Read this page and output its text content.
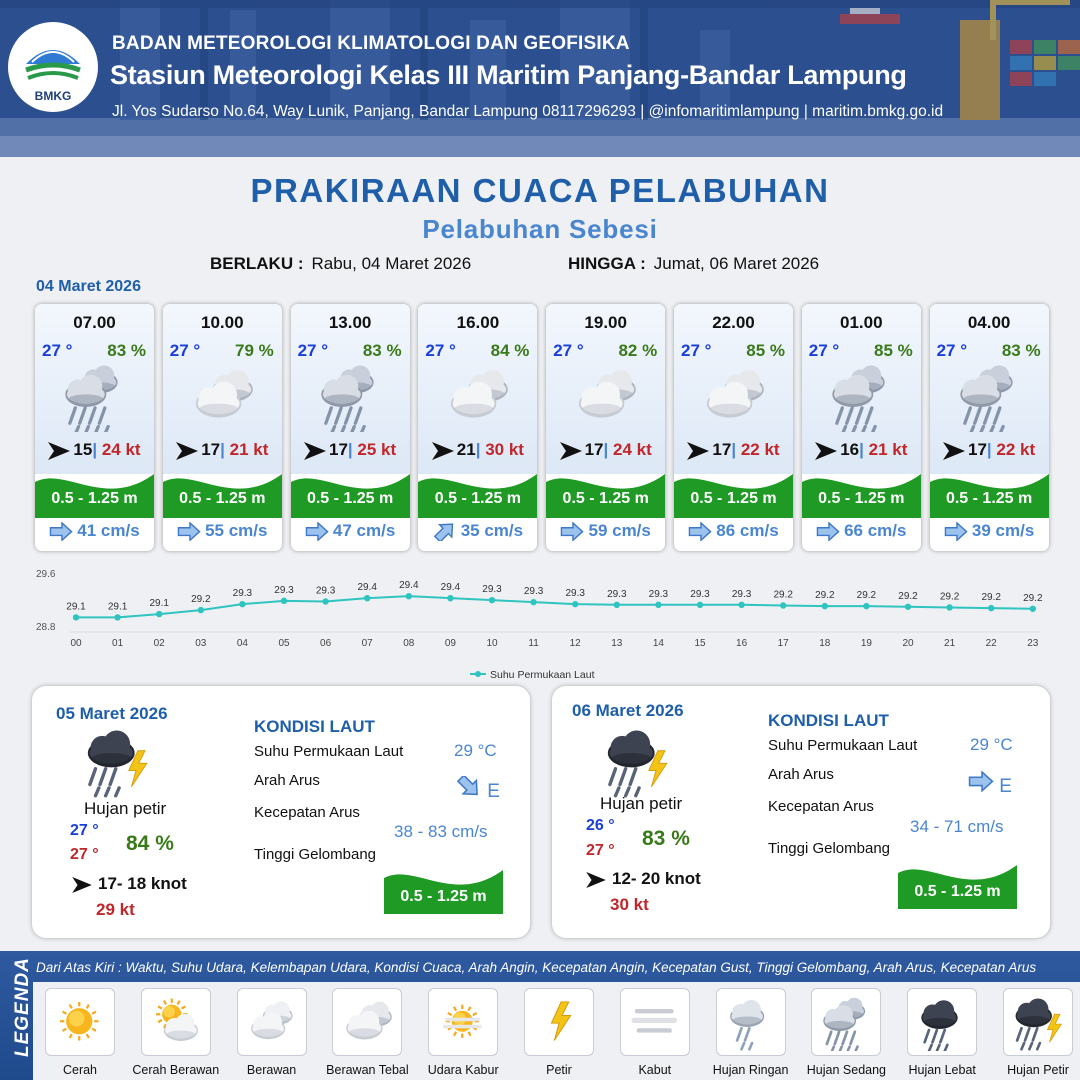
BMKG
BADAN METEOROLOGI KLIMATOLOGI DAN GEOFISIKA
Stasiun Meteorologi Kelas III Maritim Panjang-Bandar Lampung
Jl. Yos Sudarso No.64, Way Lunik, Panjang, Bandar Lampung 08117296293 | @infomaritimlampung | maritim.bmkg.go.id
PRAKIRAAN CUACA PELABUHAN
Pelabuhan Sebesi
BERLAKU : Rabu, 04 Maret 2026	HINGGA : Jumat, 06 Maret 2026
04 Maret 2026
07.00
27 ° 83 %
15| 24 kt
0.5 - 1.25 m
41 cm/s
10.00
27 ° 79 %
17| 21 kt
0.5 - 1.25 m
55 cm/s
13.00
27 ° 83 %
17| 25 kt
0.5 - 1.25 m
47 cm/s
16.00
27 ° 84 %
21| 30 kt
0.5 - 1.25 m
35 cm/s
19.00
27 ° 82 %
17| 24 kt
0.5 - 1.25 m
59 cm/s
22.00
27 ° 85 %
17| 22 kt
0.5 - 1.25 m
86 cm/s
01.00
27 ° 85 %
16| 21 kt
0.5 - 1.25 m
66 cm/s
04.00
27 ° 83 %
17| 22 kt
0.5 - 1.25 m
39 cm/s
29.6
28.8
29.1
00
29.1
01
29.1
02
29.2
03
29.3
04
29.3
05
29.3
06
29.4
07
29.4
08
29.4
09
29.3
10
29.3
11
29.3
12
29.3
13
29.3
14
29.3
15
29.3
16
29.2
17
29.2
18
29.2
19
29.2
20
29.2
21
29.2
22
29.2
23
Suhu Permukaan Laut
05 Maret 2026
Hujan petir
27 °
27 ° 84 %
17- 18 knot
29 kt
KONDISI LAUT
Suhu Permukaan Laut	29 °C
Arah Arus
E
Kecepatan Arus
38 - 83 cm/s
Tinggi Gelombang
0.5 - 1.25 m
06 Maret 2026
Hujan petir
26 °
27 °
83 %
12- 20 knot
30 kt
KONDISI LAUT
Suhu Permukaan Laut	29 °C
Arah Arus
E
Kecepatan Arus
34 - 71 cm/s
Tinggi Gelombang
0.5 - 1.25 m
LEGENDA Dari Atas Kiri : Waktu, Suhu Udara, Kelembapan Udara, Kondisi Cuaca, Arah Angin, Kecepatan Angin, Kecepatan Gust, Tinggi Gelombang, Arah Arus, Kecepatan Arus
Cerah	Cerah Berawan	Berawan	Berawan Tebal	Udara Kabur	Petir	Kabut	Hujan Ringan	Hujan Sedang	Hujan Lebat	Hujan Petir
